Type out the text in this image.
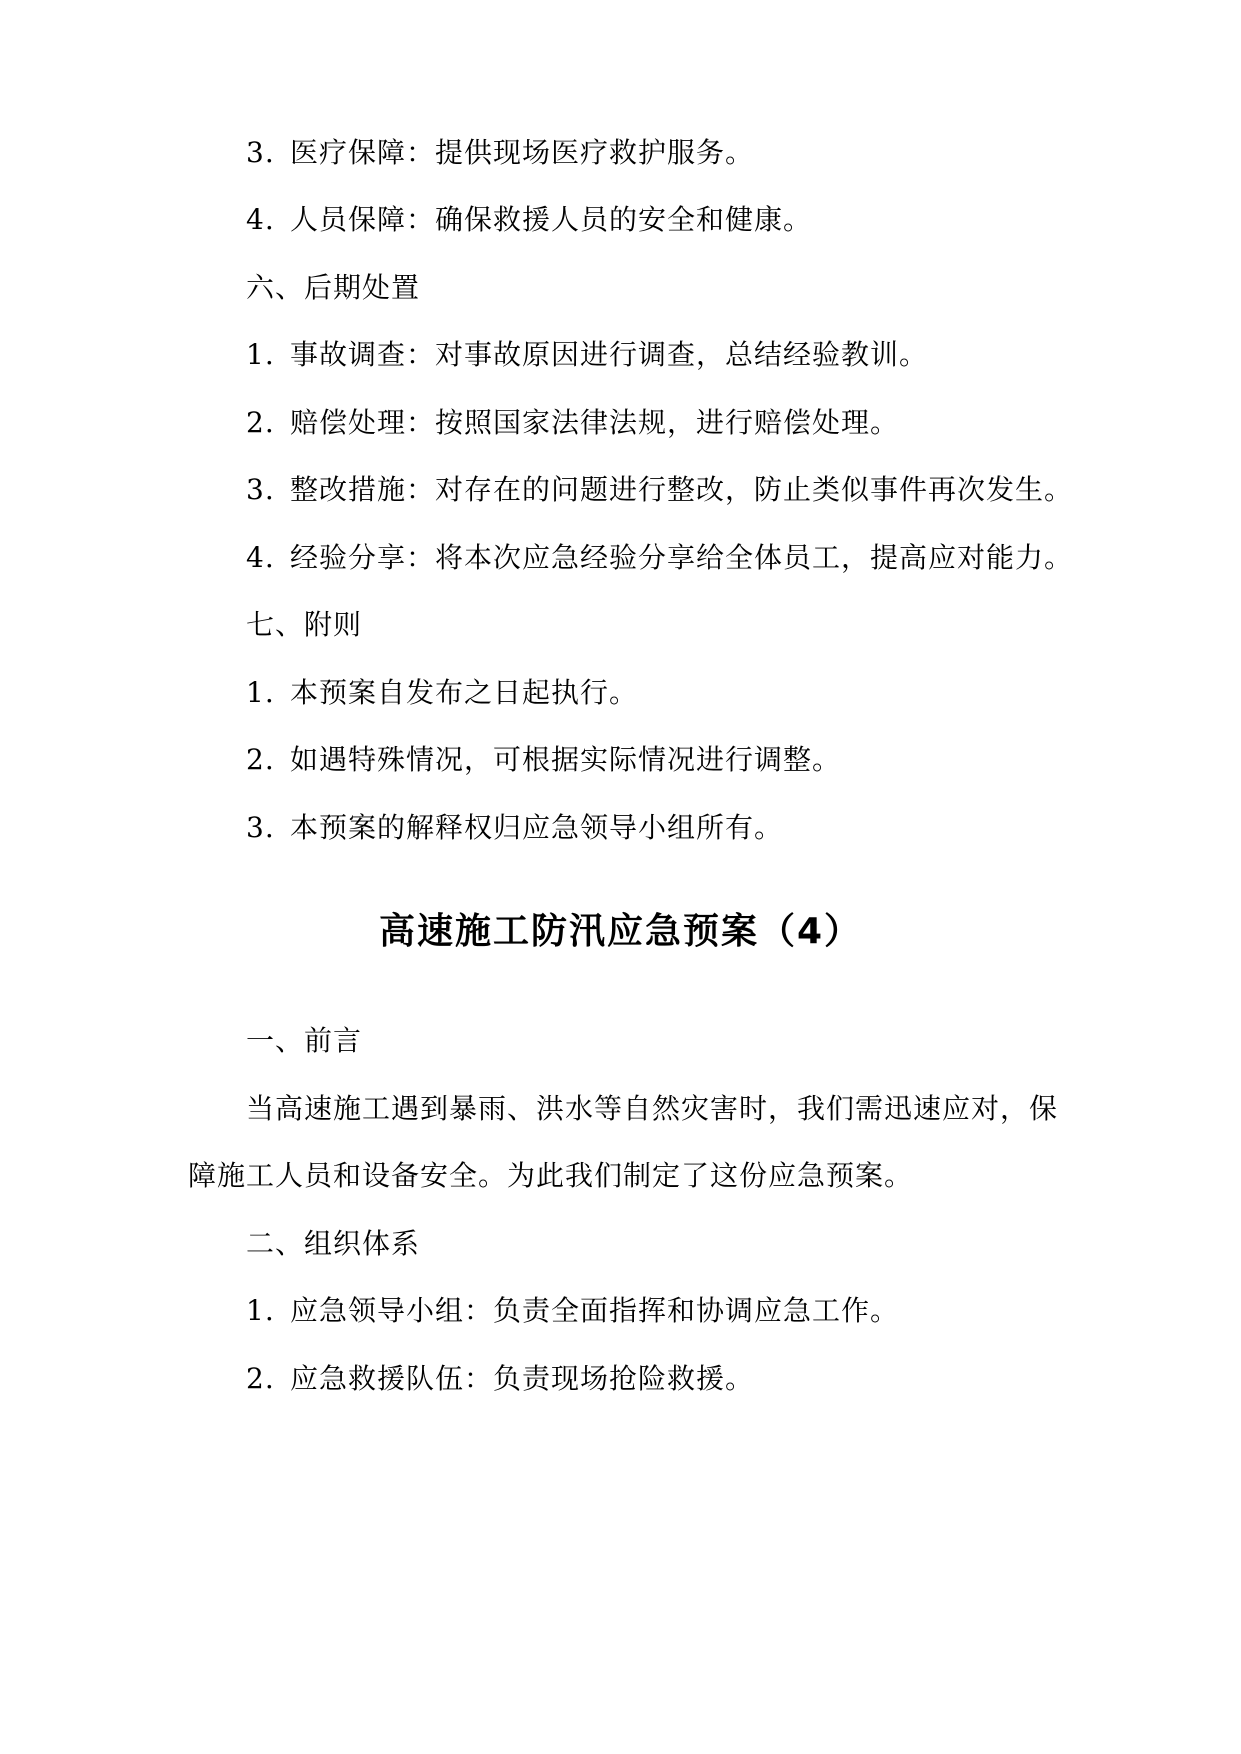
3. 医疗保障：提供现场医疗救护服务。
4. 人员保障：确保救援人员的安全和健康。
六、后期处置
1. 事故调查：对事故原因进行调查，总结经验教训。
2. 赔偿处理：按照国家法律法规，进行赔偿处理。
3. 整改措施：对存在的问题进行整改，防止类似事件再次发生。
4. 经验分享：将本次应急经验分享给全体员工，提高应对能力。
七、附则
1. 本预案自发布之日起执行。
2. 如遇特殊情况，可根据实际情况进行调整。
3. 本预案的解释权归应急领导小组所有。
高速施工防汛应急预案（4）
一、前言
当高速施工遇到暴雨、洪水等自然灾害时，我们需迅速应对，保
障施工人员和设备安全。为此我们制定了这份应急预案。
二、组织体系
1. 应急领导小组：负责全面指挥和协调应急工作。
2. 应急救援队伍：负责现场抢险救援。
